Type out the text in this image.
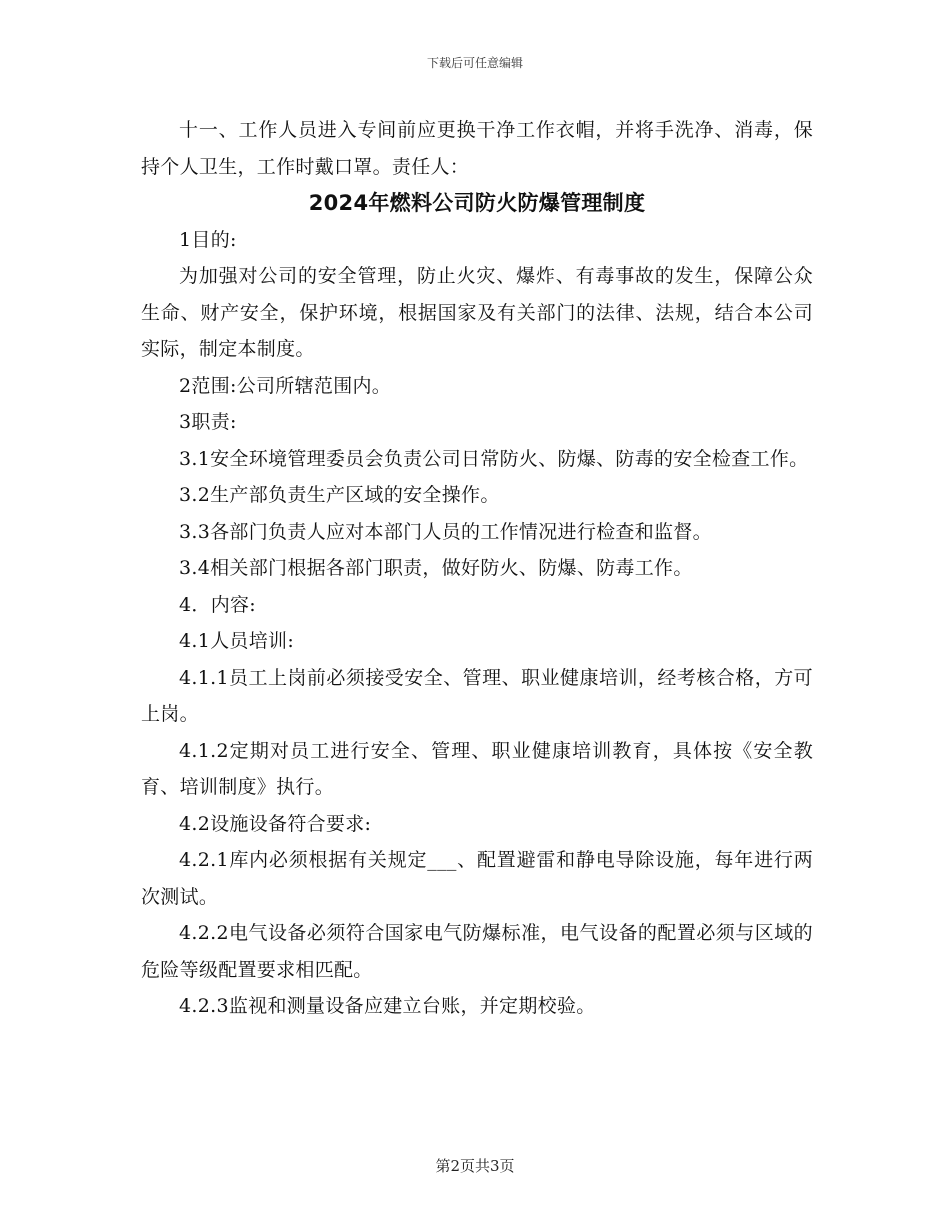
下载后可任意编辑

十一、工作人员进入专间前应更换干净工作衣帽，并将手洗净、消毒，保持个人卫生，工作时戴口罩。责任人：

2024年燃料公司防火防爆管理制度

1目的:

为加强对公司的安全管理，防止火灾、爆炸、有毒事故的发生，保障公众生命、财产安全，保护环境，根据国家及有关部门的法律、法规，结合本公司实际，制定本制度。

2范围:公司所辖范围内。

3职责:

3.1安全环境管理委员会负责公司日常防火、防爆、防毒的安全检查工作。

3.2生产部负责生产区域的安全操作。

3.3各部门负责人应对本部门人员的工作情况进行检查和监督。

3.4相关部门根据各部门职责，做好防火、防爆、防毒工作。

4．内容:

4.1人员培训:

4.1.1员工上岗前必须接受安全、管理、职业健康培训，经考核合格，方可上岗。

4.1.2定期对员工进行安全、管理、职业健康培训教育，具体按《安全教育、培训制度》执行。

4.2设施设备符合要求:

4.2.1库内必须根据有关规定___、配置避雷和静电导除设施，每年进行两次测试。

4.2.2电气设备必须符合国家电气防爆标准，电气设备的配置必须与区域的危险等级配置要求相匹配。

4.2.3监视和测量设备应建立台账，并定期校验。

第2页共3页
